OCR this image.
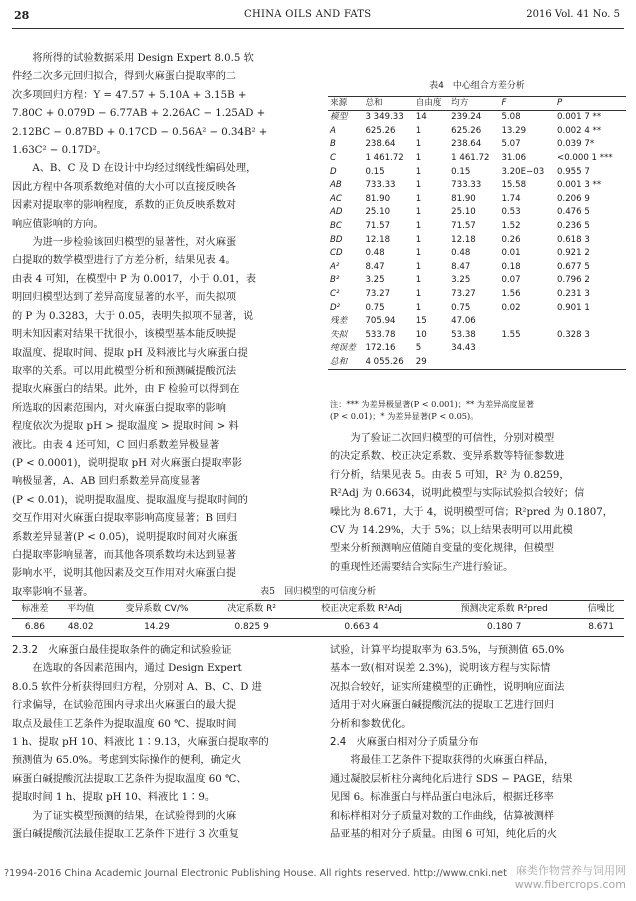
28	CHINA OILS AND FATS	2016 Vol. 41 No. 5

将所得的试验数据采用 Design Expert 8.0.5 软

件经二次多元回归拟合，得到火麻蛋白提取率的二

次多项回归方程：Y = 47.57 + 5.10A + 3.15B +

7.80C + 0.079D − 6.77AB + 2.26AC − 1.25AD +

2.12BC − 0.87BD + 0.17CD − 0.56A² − 0.34B² +

1.63C² − 0.17D²。

A、B、C 及 D 在设计中均经过纲线性编码处理，

因此方程中各项系数绝对值的大小可以直接反映各

因素对提取率的影响程度，系数的正负反映系数对

响应值影响的方向。

为进一步检验该回归模型的显著性，对火麻蛋

白提取的数学模型进行了方差分析，结果见表 4。

由表 4 可知，在模型中 P 为 0.0017，小于 0.01，表

明回归模型达到了差异高度显著的水平，而失拟项

的 P 为 0.3283，大于 0.05，表明失拟项不显著，说

明未知因素对结果干扰很小，该模型基本能反映提

取温度、提取时间、提取 pH 及料液比与火麻蛋白提

取率的关系。可以用此模型分析和预测碱提酸沉法

提取火麻蛋白的结果。此外，由 F 检验可以得到在

所选取的因素范围内，对火麻蛋白提取率的影响

程度依次为提取 pH > 提取温度 > 提取时间 > 料

液比。由表 4 还可知，C 回归系数差异极显著

(P < 0.0001)，说明提取 pH 对火麻蛋白提取率影

响极显著，A、AB 回归系数差异高度显著

(P < 0.01)，说明提取温度、提取温度与提取时间的

交互作用对火麻蛋白提取率影响高度显著；B 回归

系数差异显著(P < 0.05)，说明提取时间对火麻蛋

白提取率影响显著，而其他各项系数均未达到显著

影响水平，说明其他因素及交互作用对火麻蛋白提

取率影响不显著。

表4　中心组合方差分析					
来源	总和	自由度	均方	F	P
模型	3 349.33	14	239.24	5.08	0.001 7 **
A	625.26	1	625.26	13.29	0.002 4 **
B	238.64	1	238.64	5.07	0.039 7*
C	1 461.72	1	1 461.72	31.06	<0.000 1 ***
D	0.15	1	0.15	3.20E−03	0.955 7
AB	733.33	1	733.33	15.58	0.001 3 **
AC	81.90	1	81.90	1.74	0.206 9
AD	25.10	1	25.10	0.53	0.476 5
BC	71.57	1	71.57	1.52	0.236 5
BD	12.18	1	12.18	0.26	0.618 3
CD	0.48	1	0.48	0.01	0.921 2
A²	8.47	1	8.47	0.18	0.677 5
B²	3.25	1	3.25	0.07	0.796 2
C²	73.27	1	73.27	1.56	0.231 3
D²	0.75	1	0.75	0.02	0.901 1
残差	705.94	15	47.06		
失拟	533.78	10	53.38	1.55	0.328 3
纯误差	172.16	5	34.43		
总和	4 055.26	29			
注：*** 为差异极显著(P < 0.001)；** 为差异高度显著
(P < 0.01)；* 为差异显著(P < 0.05)。

为了验证二次回归模型的可信性，分别对模型

的决定系数、校正决定系数、变异系数等特征参数进

行分析，结果见表 5。由表 5 可知，R² 为 0.8259，

R²Adj 为 0.6634，说明此模型与实际试验拟合较好；信

噪比为 8.671，大于 4，说明模型可信；R²pred 为 0.1807，

CV 为 14.29%，大于 5%；以上结果表明可以用此模

型来分析预测响应值随自变量的变化规律，但模型

的重现性还需要结合实际生产进行验证。

表5　回归模型的可信度分析
标准差	平均值	变异系数 CV/%	决定系数 R²	校正决定系数 R²Adj	预测决定系数 R²pred	信噪比
6.86	48.02	14.29	0.825 9	0.663 4	0.180 7	8.671

2.3.2　火麻蛋白最佳提取条件的确定和试验验证

在选取的各因素范围内，通过 Design Expert

8.0.5 软件分析获得回归方程，分别对 A、B、C、D 进

行求偏导，在试验范围内寻求出火麻蛋白的最大提

取点及最佳工艺条件为提取温度 60 ℃、提取时间

1 h、提取 pH 10、料液比 1∶9.13，火麻蛋白提取率的

预测值为 65.0%。考虑到实际操作的便利，确定火

麻蛋白碱提酸沉法提取工艺条件为提取温度 60 ℃、

提取时间 1 h、提取 pH 10、料液比 1∶9。

为了证实模型预测的结果，在试验得到的火麻

蛋白碱提酸沉法最佳提取工艺条件下进行 3 次重复

试验，计算平均提取率为 63.5%，与预测值 65.0%

基本一致(相对误差 2.3%)，说明该方程与实际情

况拟合较好，证实所建模型的正确性，说明响应面法

适用于对火麻蛋白碱提酸沉法的提取工艺进行回归

分析和参数优化。

2.4　火麻蛋白相对分子质量分布

将最佳工艺条件下提取获得的火麻蛋白样品，

通过凝胶层析柱分离纯化后进行 SDS − PAGE，结果

见图 6。标准蛋白与样品蛋白电泳后，根据迁移率

和标样相对分子质量对数的工作曲线，估算被测样

品亚基的相对分子质量。由图 6 可知，纯化后的火

?1994-2016 China Academic Journal Electronic Publishing House. All rights reserved. http://www.cnki.net 麻类作物营养与饲用网
www.fibercrops.com
